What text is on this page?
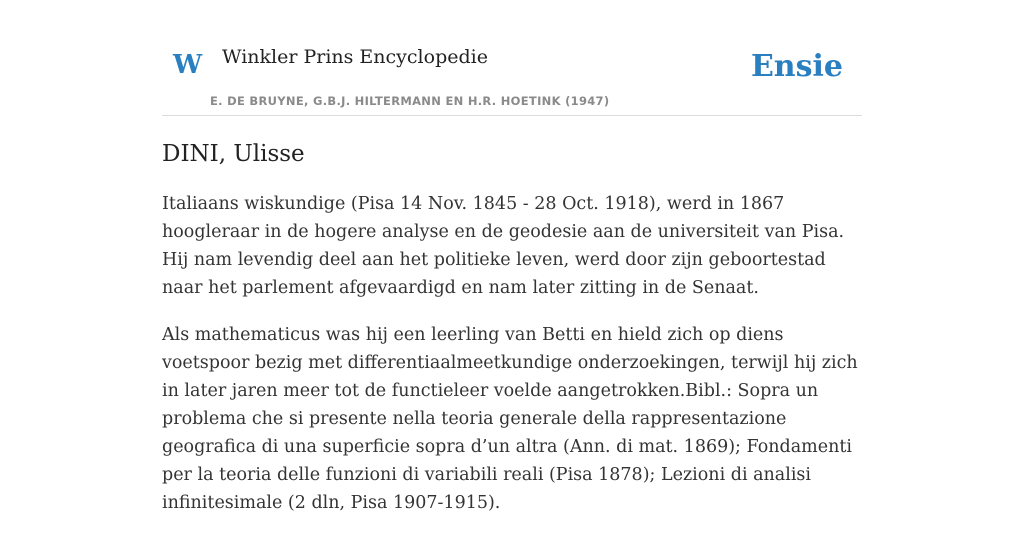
W Winkler Prins Encyclopedie
E. DE BRUYNE, G.B.J. HILTERMANN EN H.R. HOETINK (1947)
Ensie
DINI, Ulisse

Italiaans wiskundige (Pisa 14 Nov. 1845 - 28 Oct. 1918), werd in 1867 hoogleraar in de hogere analyse en de geodesie aan de universiteit van Pisa. Hij nam levendig deel aan het politieke leven, werd door zijn geboortestad naar het parlement afgevaardigd en nam later zitting in de Senaat.

Als mathematicus was hij een leerling van Betti en hield zich op diens voetspoor bezig met differentiaalmeetkundige onderzoekingen, terwijl hij zich in later jaren meer tot de functieleer voelde aangetrokken.Bibl.: Sopra un problema che si presente nella teoria generale della rappresentazione geografica di una superficie sopra d’un altra (Ann. di mat. 1869); Fondamenti per la teoria delle funzioni di variabili reali (Pisa 1878); Lezioni di analisi infinitesimale (2 dln, Pisa 1907-1915).
